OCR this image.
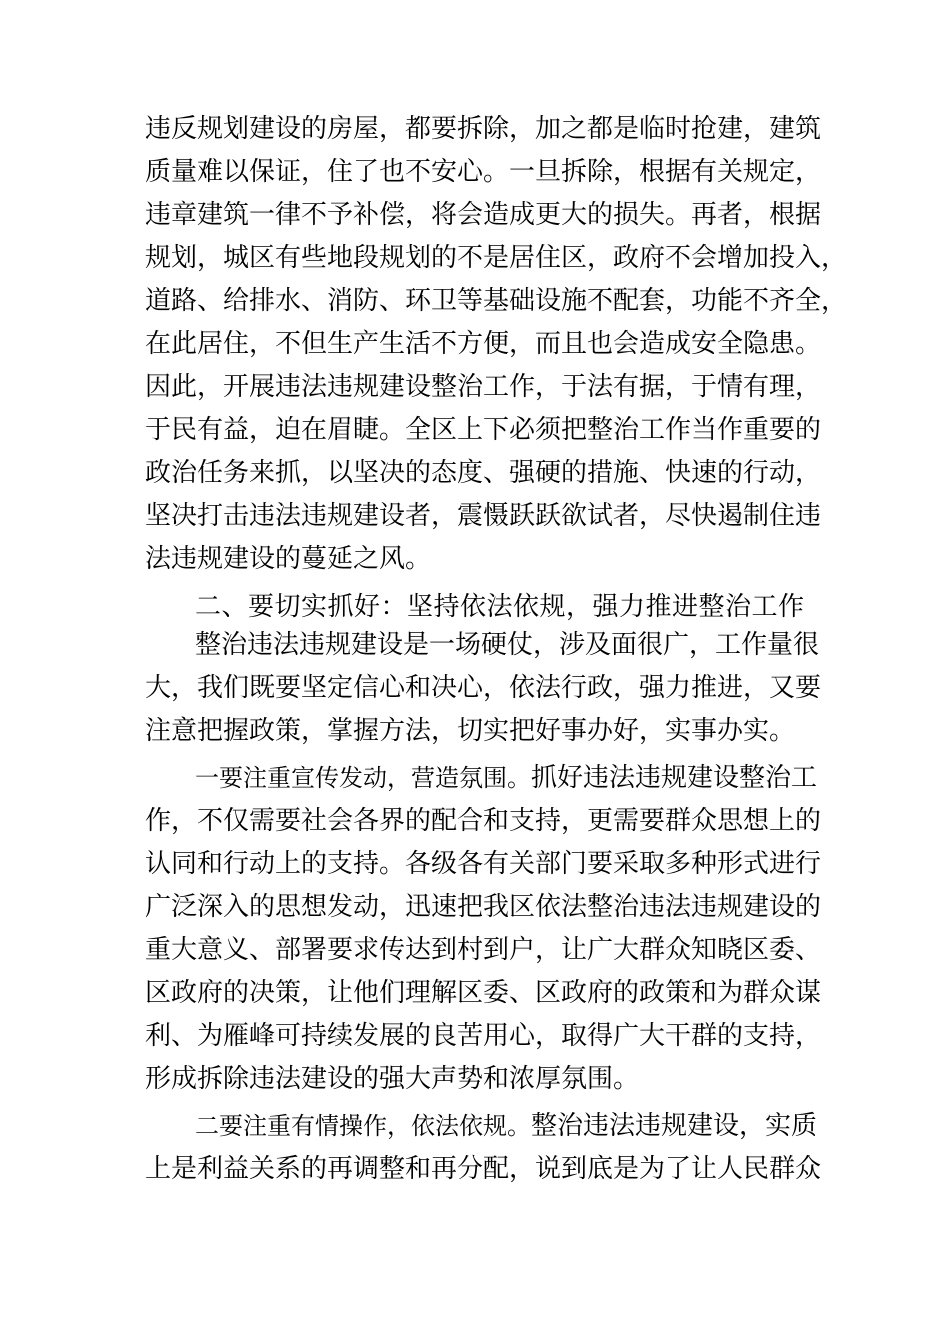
违反规划建设的房屋，都要拆除，加之都是临时抢建，建筑
质量难以保证，住了也不安心。一旦拆除，根据有关规定，
违章建筑一律不予补偿，将会造成更大的损失。再者，根据
规划，城区有些地段规划的不是居住区，政府不会增加投入，
道路、给排水、消防、环卫等基础设施不配套，功能不齐全，
在此居住，不但生产生活不方便，而且也会造成安全隐患。
因此，开展违法违规建设整治工作，于法有据，于情有理，
于民有益，迫在眉睫。全区上下必须把整治工作当作重要的
政治任务来抓，以坚决的态度、强硬的措施、快速的行动，
坚决打击违法违规建设者，震慑跃跃欲试者，尽快遏制住违
法违规建设的蔓延之风。
二、要切实抓好：坚持依法依规，强力推进整治工作
整治违法违规建设是一场硬仗，涉及面很广，工作量很
大，我们既要坚定信心和决心，依法行政，强力推进，又要
注意把握政策，掌握方法，切实把好事办好，实事办实。
一要注重宣传发动，营造氛围。抓好违法违规建设整治工
作，不仅需要社会各界的配合和支持，更需要群众思想上的
认同和行动上的支持。各级各有关部门要采取多种形式进行
广泛深入的思想发动，迅速把我区依法整治违法违规建设的
重大意义、部署要求传达到村到户，让广大群众知晓区委、
区政府的决策，让他们理解区委、区政府的政策和为群众谋
利、为雁峰可持续发展的良苦用心，取得广大干群的支持，
形成拆除违法建设的强大声势和浓厚氛围。
二要注重有情操作，依法依规。整治违法违规建设，实质
上是利益关系的再调整和再分配，说到底是为了让人民群众
